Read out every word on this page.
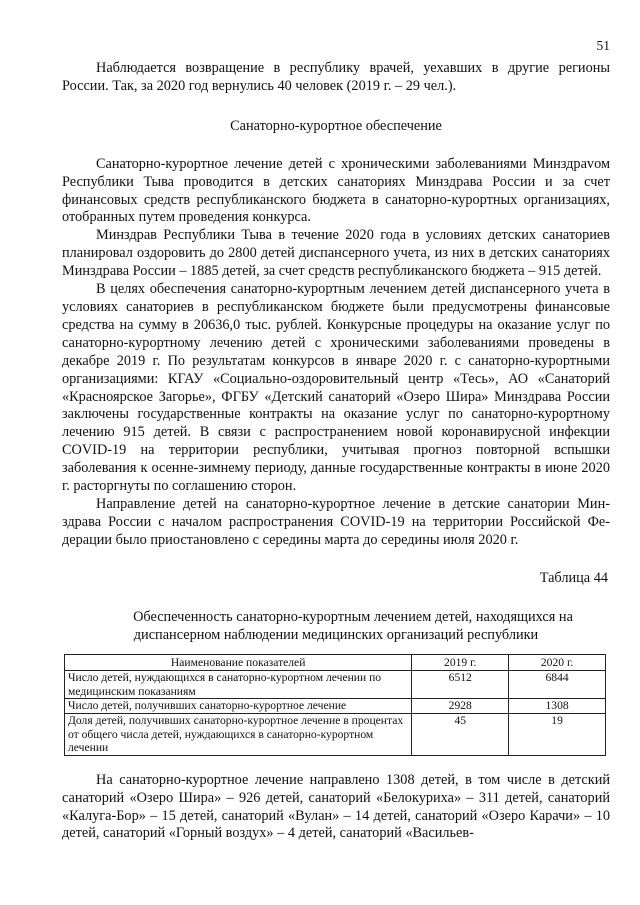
51

Наблюдается возвращение в республику врачей, уехавших в другие регионы России. Так, за 2020 год вернулись 40 человек (2019 г. – 29 чел.).

Санаторно-курортное обеспечение

Санаторно-курортное лечение детей с хроническими заболеваниями Минздраvом Республики Тыва проводится в детских санаториях Минздрава России и за счет финансовых средств республиканского бюджета в санаторно-курортных организациях, отобранных путем проведения конкурса.

Минздрав Республики Тыва в течение 2020 года в условиях детских санаториев планировал оздоровить до 2800 детей диспансерного учета, из них в детских санаториях Минздрава России – 1885 детей, за счет средств республиканского бюджета – 915 детей.

В целях обеспечения санаторно-курортным лечением детей диспансерного учета в условиях санаториев в республиканском бюджете были предусмотрены финансовые средства на сумму в 20636,0 тыс. рублей. Конкурсные процедуры на оказание услуг по санаторно-курортному лечению детей с хроническими заболеваниями проведены в декабре 2019 г. По результатам конкурсов в январе 2020 г. с санаторно-курортными организациями: КГАУ «Социально-оздоровительный центр «Тесь», АО «Санаторий «Красноярское Загорье», ФГБУ «Детский санаторий «Озеро Шира» Минздрава России заключены государственные контракты на оказание услуг по санаторно-курортному лечению 915 детей. В связи с распространением новой коронавирусной инфекции COVID-19 на территории республики, учитывая прогноз повторной вспышки заболевания к осенне-зимнему периоду, данные государственные контракты в июне 2020 г. расторгнуты по соглашению сторон.

Направление детей на санаторно-курортное лечение в детские санатории Минздрава России с началом распространения COVID-19 на территории Российской Федерации было приостановлено с середины марта до середины июля 2020 г.

Таблица 44

Обеспеченность санаторно-курортным лечением детей, находящихся на диспансерном наблюдении медицинских организаций республики

Наименование показателей	2019 г.	2020 г.
Число детей, нуждающихся в санаторно-курортном лечении по медицинским показаниям	6512	6844
Число детей, получивших санаторно-курортное лечение	2928	1308
Доля детей, получивших санаторно-курортное лечение в процентах от общего числа детей, нуждающихся в санаторно-курортном лечении	45	19

На санаторно-курортное лечение направлено 1308 детей, в том числе в детский санаторий «Озеро Шира» – 926 детей, санаторий «Белокуриха» – 311 детей, санаторий «Калуга-Бор» – 15 детей, санаторий «Вулан» – 14 детей, санаторий «Озеро Карачи» – 10 детей, санаторий «Горный воздух» – 4 детей, санаторий «Васильев-
